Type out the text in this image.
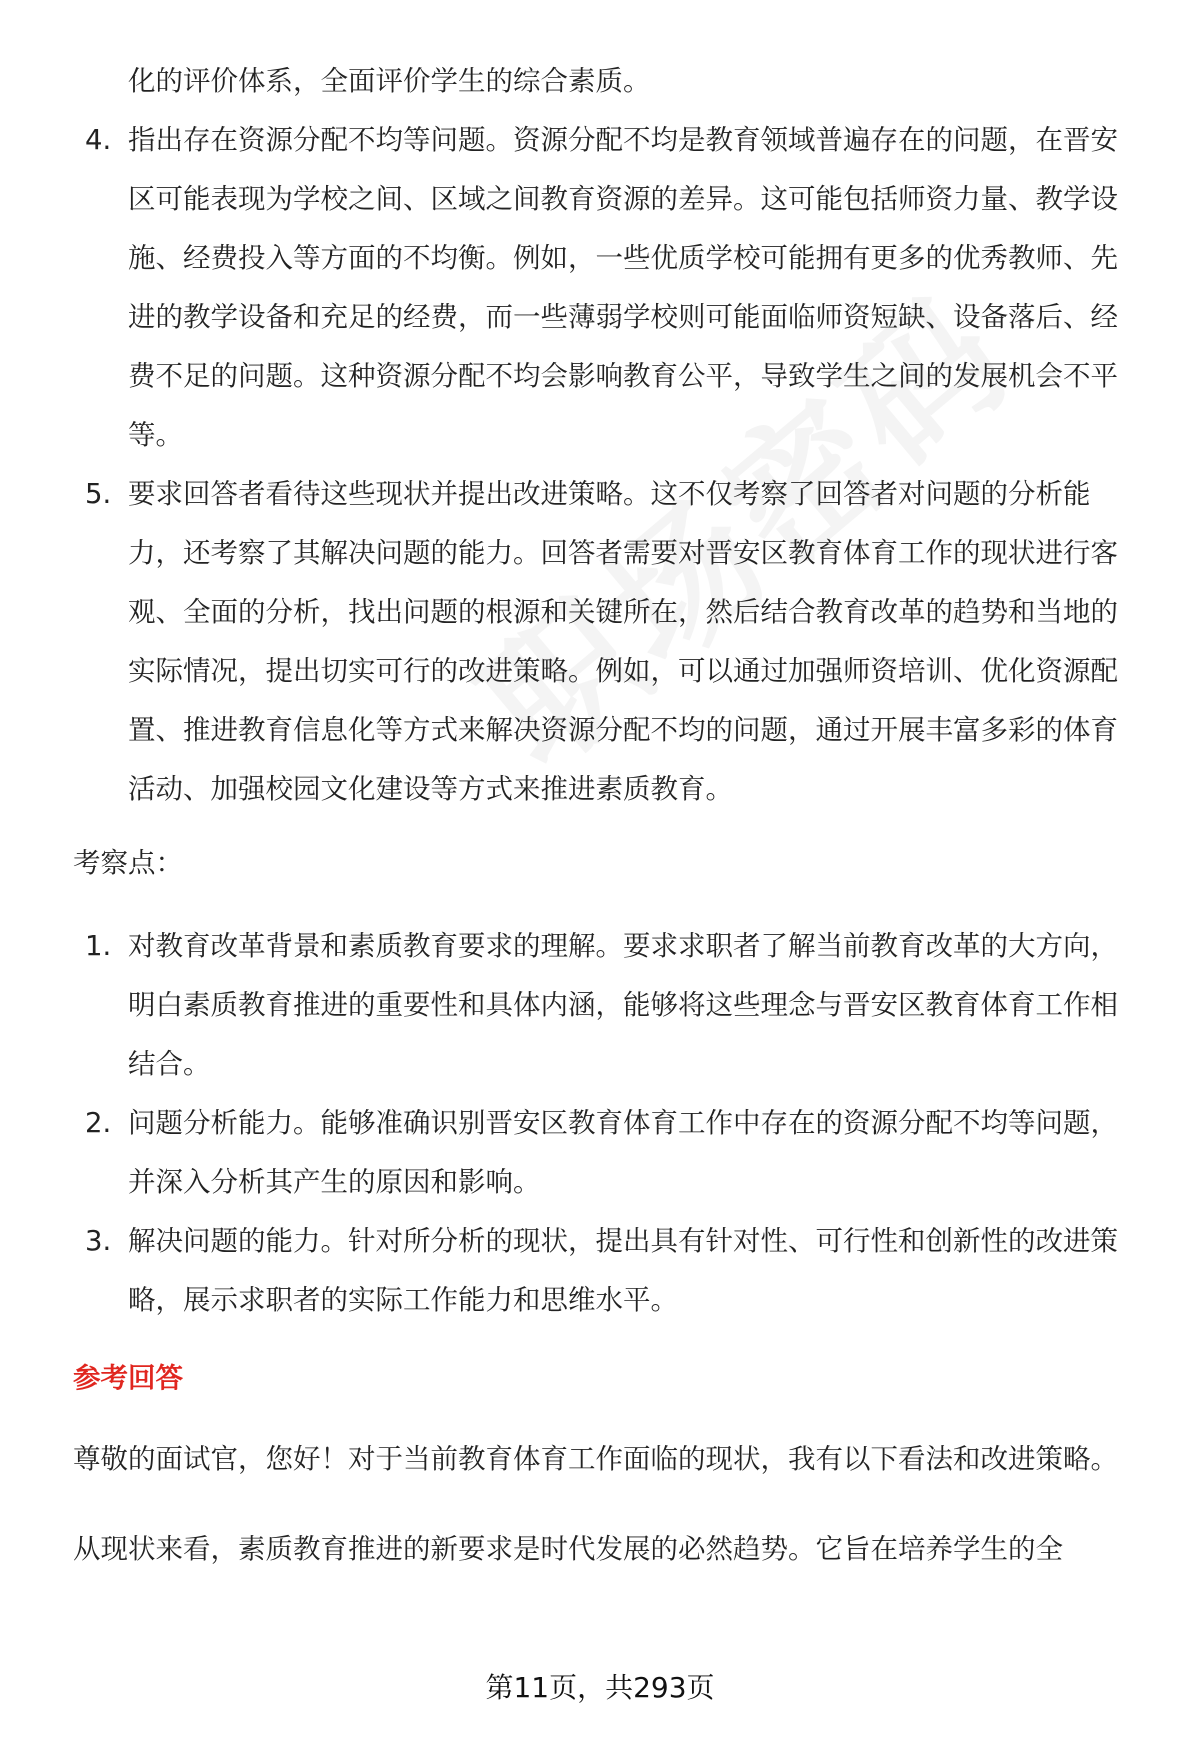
化的评价体系，全面评价学生的综合素质。

4. 指出存在资源分配不均等问题。资源分配不均是教育领域普遍存在的问题，在晋安区可能表现为学校之间、区域之间教育资源的差异。这可能包括师资力量、教学设施、经费投入等方面的不均衡。例如，一些优质学校可能拥有更多的优秀教师、先进的教学设备和充足的经费，而一些薄弱学校则可能面临师资短缺、设备落后、经费不足的问题。这种资源分配不均会影响教育公平，导致学生之间的发展机会不平等。
5. 要求回答者看待这些现状并提出改进策略。这不仅考察了回答者对问题的分析能力，还考察了其解决问题的能力。回答者需要对晋安区教育体育工作的现状进行客观、全面的分析，找出问题的根源和关键所在，然后结合教育改革的趋势和当地的实际情况，提出切实可行的改进策略。例如，可以通过加强师资培训、优化资源配置、推进教育信息化等方式来解决资源分配不均的问题，通过开展丰富多彩的体育活动、加强校园文化建设等方式来推进素质教育。
考察点：
1. 对教育改革背景和素质教育要求的理解。要求求职者了解当前教育改革的大方向，明白素质教育推进的重要性和具体内涵，能够将这些理念与晋安区教育体育工作相结合。
2. 问题分析能力。能够准确识别晋安区教育体育工作中存在的资源分配不均等问题，并深入分析其产生的原因和影响。
3. 解决问题的能力。针对所分析的现状，提出具有针对性、可行性和创新性的改进策略，展示求职者的实际工作能力和思维水平。
参考回答

尊敬的面试官，您好！对于当前教育体育工作面临的现状，我有以下看法和改进策略。

从现状来看，素质教育推进的新要求是时代发展的必然趋势。它旨在培养学生的全

第11页，共293页
